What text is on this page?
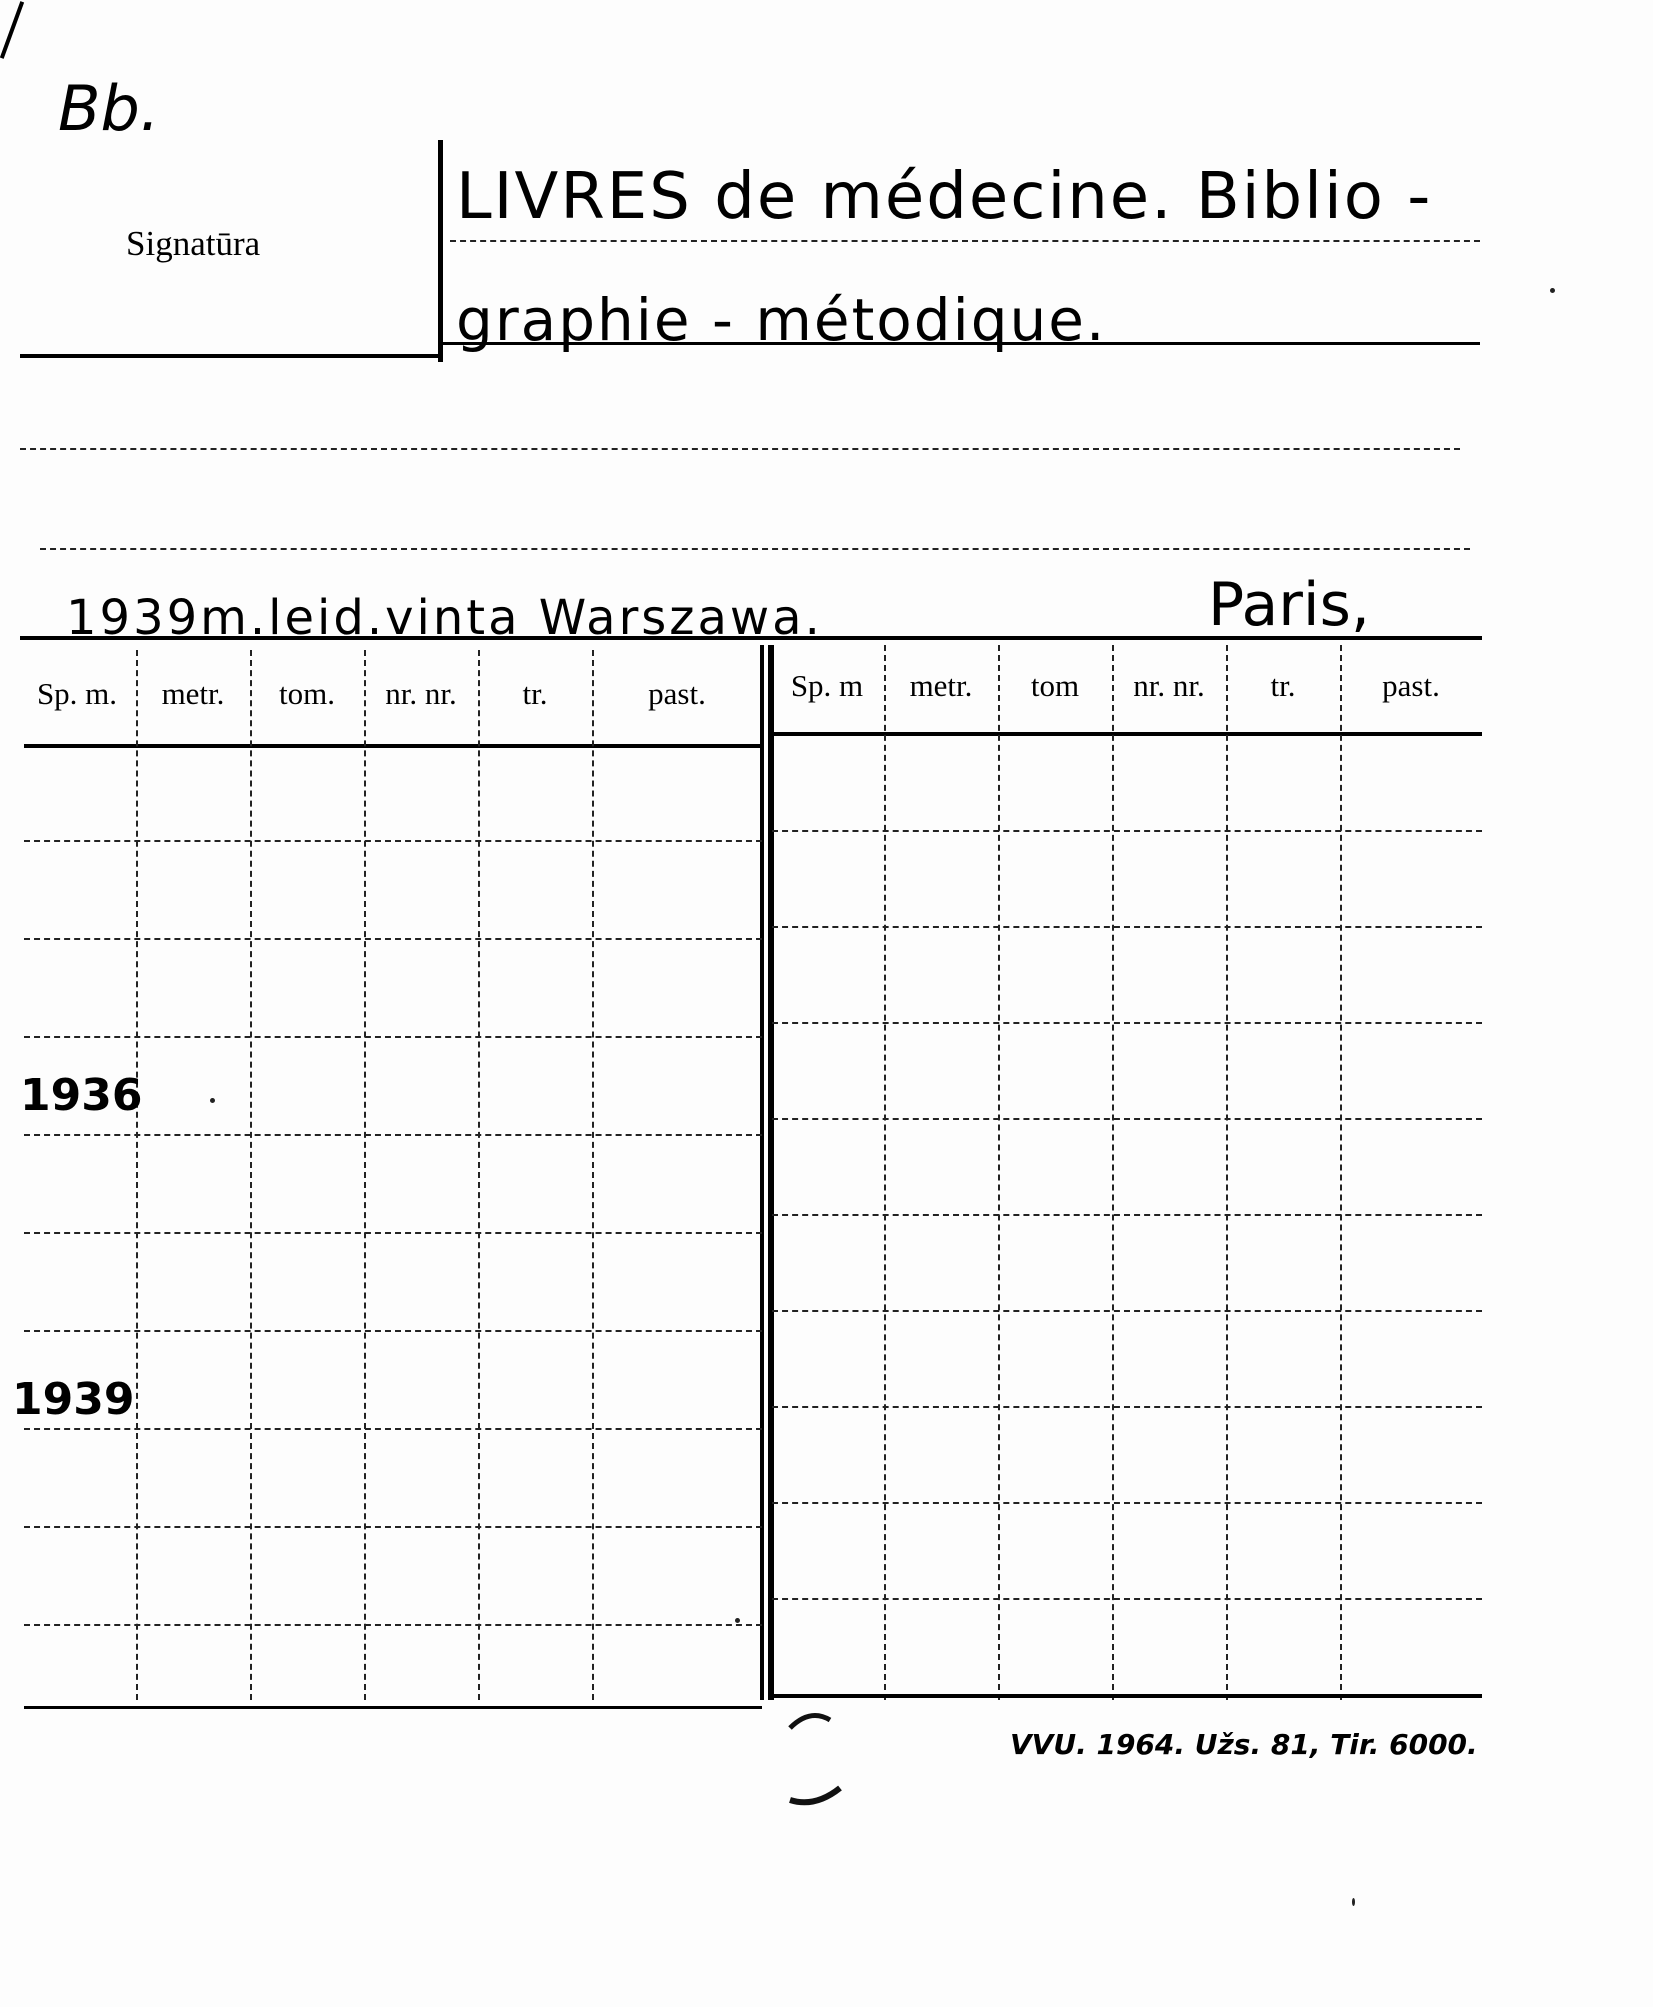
Bb.
Signatūra
LIVRES de médecine. Biblio -
graphie - métodique.
1939m.leid.vinta Warszawa.	Paris,
Sp. m.	metr.	tom.	nr. nr.	tr.	past.	Sp. m	metr.	tom	nr. nr.	tr.	past.
1936
1939
VVU. 1964. Užs. 81, Tir. 6000.
